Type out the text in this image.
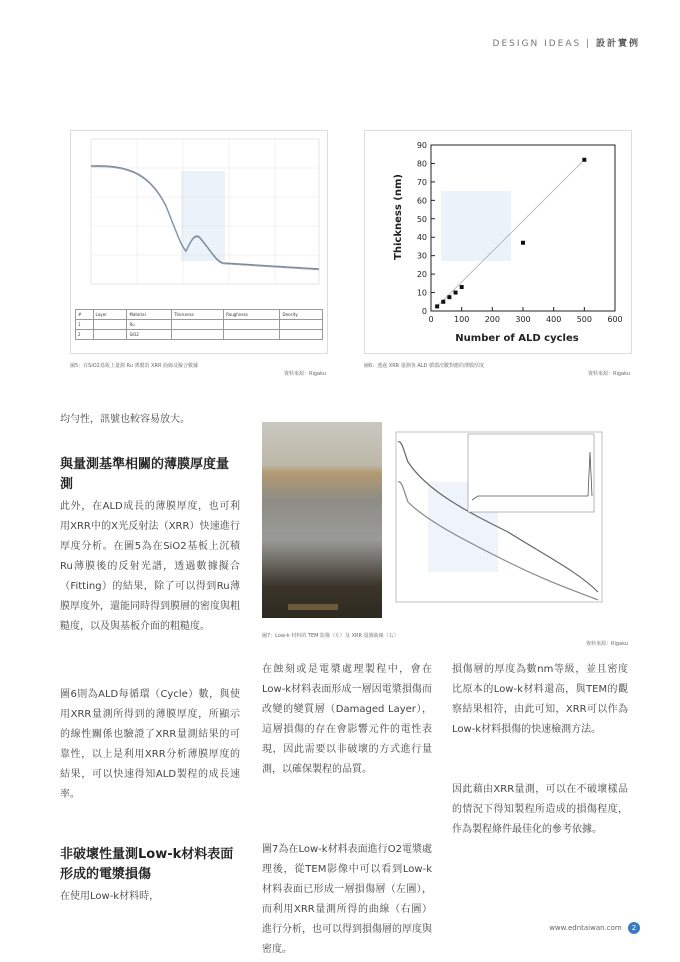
DESIGN IDEAS | 設計實例
#	Layer	Material	Thickness	Roughness	Density
1		Ru			
2		SiO2			
圖5：在SiO2基板上量測 Ru 薄膜的 XRR 曲線及擬合數據
資料來源：Rigaku
0
10
20
30
40
50
60
70
80
90
0	100 200 300 400 500 600
Number of ALD cycles
Thickness (nm)
圖6：透過 XRR 量測各 ALD 循環次數對應的薄膜厚度
資料來源：Rigaku
圖7：Low-k 材料的 TEM 影像（左）及 XRR 量測曲線（右）
資料來源：Rigaku
均勻性，訊號也較容易放大。
與量測基準相關的薄膜厚度量測
此外，在ALD成長的薄膜厚度，也可利用XRR中的X光反射法（XRR）快速進行厚度分析。在圖5為在SiO2基板上沉積Ru薄膜後的反射光譜，透過數據擬合（Fitting）的結果，除了可以得到Ru薄膜厚度外，還能同時得到膜層的密度與粗糙度，以及與基板介面的粗糙度。
圖6則為ALD每循環（Cycle）數，與使用XRR量測所得到的薄膜厚度，所顯示的線性關係也驗證了XRR量測結果的可靠性，以上是利用XRR分析薄膜厚度的結果，可以快速得知ALD製程的成長速率。
非破壞性量測Low-k材料表面形成的電漿損傷
在使用Low-k材料時，
在蝕刻或是電漿處理製程中，會在Low-k材料表面形成一層因電漿損傷而改變的變質層（Damaged Layer），這層損傷的存在會影響元件的電性表現，因此需要以非破壞的方式進行量測，以確保製程的品質。
圖7為在Low-k材料表面進行O2電漿處理後，從TEM影像中可以看到Low-k材料表面已形成一層損傷層（左圖），而利用XRR量測所得的曲線（右圖）進行分析，也可以得到損傷層的厚度與密度。
損傷層的厚度為數nm等級，並且密度比原本的Low-k材料還高，與TEM的觀察結果相符，由此可知，XRR可以作為Low-k材料損傷的快速檢測方法。
因此藉由XRR量測，可以在不破壞樣品的情況下得知製程所造成的損傷程度，作為製程條件最佳化的參考依據。
www.edntaiwan.com 2
